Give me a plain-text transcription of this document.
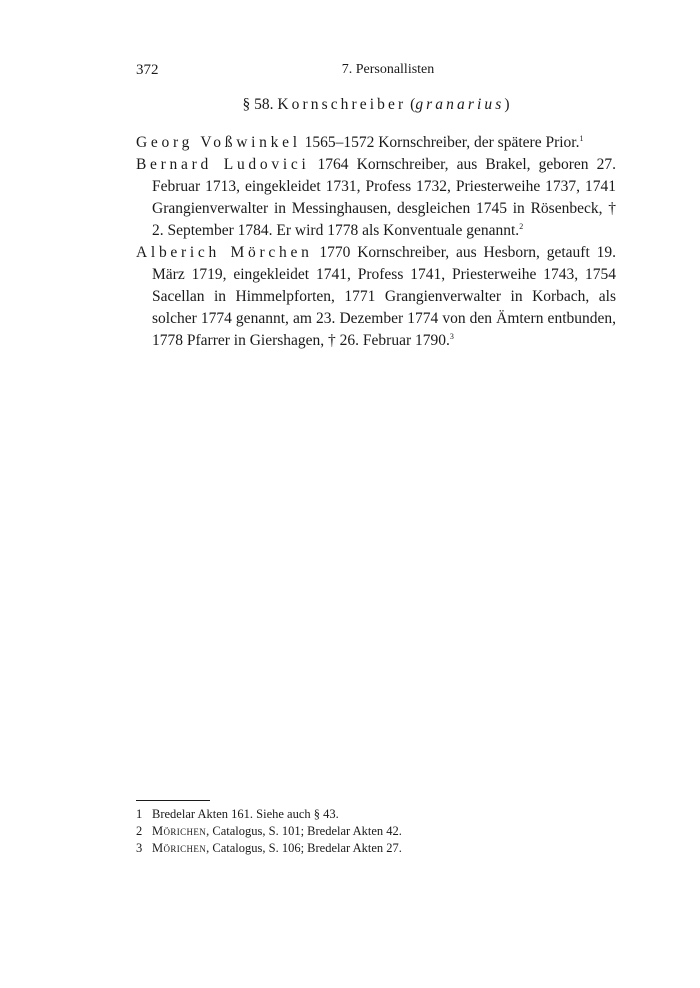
372	7. Personallisten
§ 58. Kornschreiber (granarius)

Georg Voßwinkel 1565–1572 Kornschreiber, der spätere Prior.$^1$

Bernard Ludovici 1764 Kornschreiber, aus Brakel, geboren 27. Februar 1713, eingekleidet 1731, Profess 1732, Priesterweihe 1737, 1741 Grangienverwalter in Messinghausen, desgleichen 1745 in Rösenbeck, † 2. September 1784. Er wird 1778 als Konventuale genannt.$^2$

Alberich Mörchen 1770 Kornschreiber, aus Hesborn, getauft 19. März 1719, eingekleidet 1741, Profess 1741, Priesterweihe 1743, 1754 Sacellan in Himmelpforten, 1771 Grangienverwalter in Korbach, als solcher 1774 genannt, am 23. Dezember 1774 von den Ämtern entbunden, 1778 Pfarrer in Giershagen, † 26. Februar 1790.$^3$

1 Bredelar Akten 161. Siehe auch § 43.

2 Mörichen, Catalogus, S. 101; Bredelar Akten 42.

3 Mörichen, Catalogus, S. 106; Bredelar Akten 27.
